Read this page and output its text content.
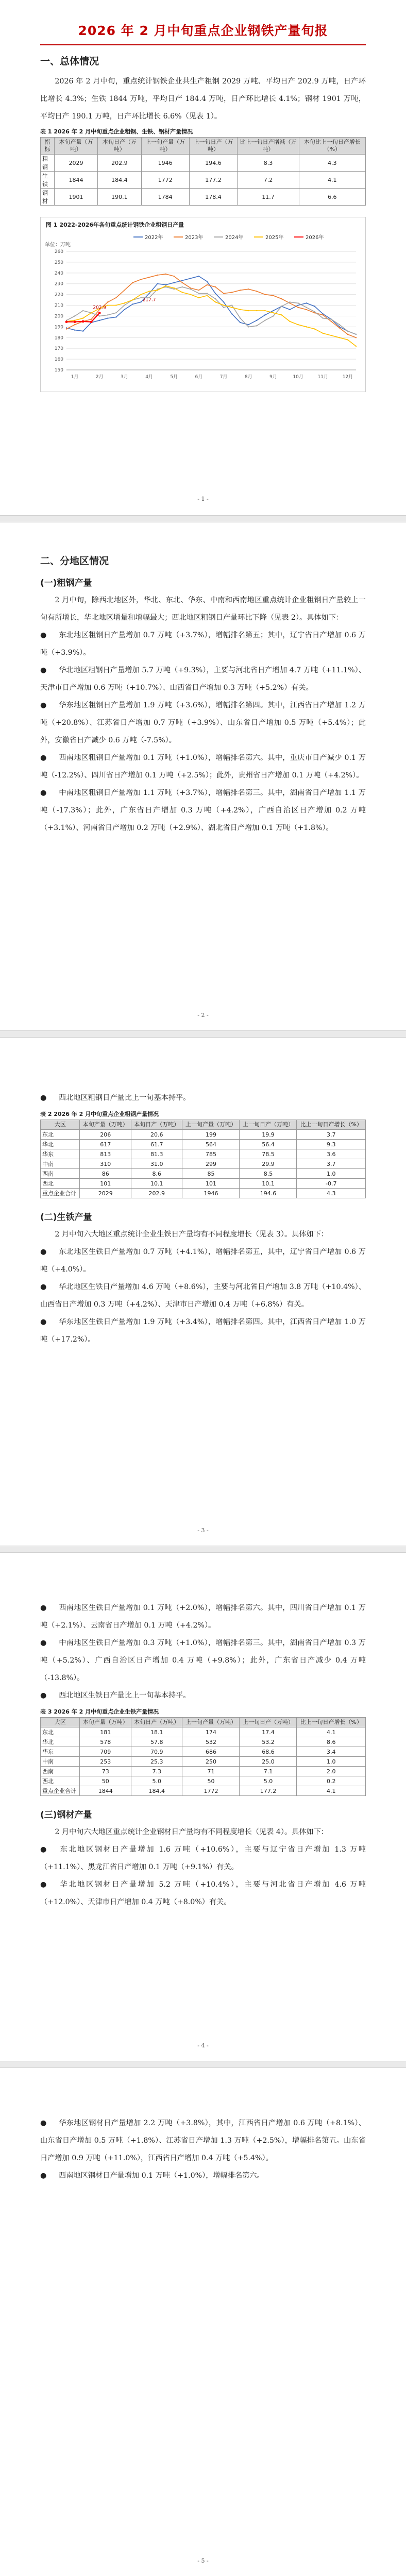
2026 年 2 月中旬重点企业钢铁产量旬报
一、总体情况

2026 年 2 月中旬，重点统计钢铁企业共生产粗钢 2029 万吨、平均日产 202.9 万吨，日产环比增长 4.3%；生铁 1844 万吨，平均日产 184.4 万吨，日产环比增长 4.1%；钢材 1901 万吨，平均日产 190.1 万吨，日产环比增长 6.6%（见表 1）。

表 1 2026 年 2 月中旬重点企业粗钢、生铁、钢材产量情况
指标	本旬产量（万吨）	本旬日产（万吨）	上一旬产量（万吨）	上一旬日产（万吨）	比上一旬日产增减（万吨）	本旬比上一旬日产增长（%）
粗钢	2029	202.9	1946	194.6	8.3	4.3
生铁	1844	184.4	1772	177.2	7.2	4.1
钢材	1901	190.1	1784	178.4	11.7	6.6
图 1 2022-2026年各旬重点统计钢铁企业粗钢日产量
2022年	2023年	2024年	2025年	2026年
单位：万吨
150
160
170
180
190
200
210
220
230
240
250
260
1月	2月	3月	4月	5月	6月	7月	8月	9月	10月	11月	12月
202.9
217.7
- 1 -
二、分地区情况
(一)粗钢产量

2 月中旬，除西北地区外，华北、东北、华东、中南和西南地区重点统计企业粗钢日产量较上一旬有所增长，华北地区增量和增幅最大；西北地区粗钢日产量环比下降（见表 2）。具体如下：

● 东北地区粗钢日产量增加 0.7 万吨（+3.7%），增幅排名第五；其中，辽宁省日产增加 0.6 万吨（+3.9%）。

● 华北地区粗钢日产量增加 5.7 万吨（+9.3%），主要与河北省日产增加 4.7 万吨（+11.1%）、天津市日产增加 0.6 万吨（+10.7%）、山西省日产增加 0.3 万吨（+5.2%）有关。

● 华东地区粗钢日产量增加 1.9 万吨（+3.6%），增幅排名第四。其中，江西省日产增加 1.2 万吨（+20.8%）、江苏省日产增加 0.7 万吨（+3.9%）、山东省日产增加 0.5 万吨（+5.4%）；此外，安徽省日产减少 0.6 万吨（-7.5%）。

● 西南地区粗钢日产量增加 0.1 万吨（+1.0%），增幅排名第六。其中，重庆市日产减少 0.1 万吨（-12.2%）、四川省日产增加 0.1 万吨（+2.5%）；此外，贵州省日产增加 0.1 万吨（+4.2%）。

● 中南地区粗钢日产量增加 1.1 万吨（+3.7%），增幅排名第三。其中，湖南省日产增加 1.1 万吨（-17.3%）；此外，广东省日产增加 0.3 万吨（+4.2%），广西自治区日产增加 0.2 万吨（+3.1%）、河南省日产增加 0.2 万吨（+2.9%）、湖北省日产增加 0.1 万吨（+1.8%）。

- 2 -

● 西北地区粗钢日产量比上一旬基本持平。

表 2 2026 年 2 月中旬重点企业粗钢产量情况
大区	本旬产量（万吨）	本旬日产（万吨）	上一旬产量（万吨）	上一旬日产（万吨）	比上一旬日产增长（%）
东北	206	20.6	199	19.9	3.7
华北	617	61.7	564	56.4	9.3
华东	813	81.3	785	78.5	3.6
中南	310	31.0	299	29.9	3.7
西南	86	8.6	85	8.5	1.0
西北	101	10.1	101	10.1	-0.7
重点企业合计	2029	202.9	1946	194.6	4.3
(二)生铁产量

2 月中旬六大地区重点统计企业生铁日产量均有不同程度增长（见表 3）。具体如下：

● 东北地区生铁日产量增加 0.7 万吨（+4.1%），增幅排名第五，其中，辽宁省日产增加 0.6 万吨（+4.0%）。

● 华北地区生铁日产量增加 4.6 万吨（+8.6%），主要与河北省日产增加 3.8 万吨（+10.4%）、山西省日产增加 0.3 万吨（+4.2%）、天津市日产增加 0.4 万吨（+6.8%）有关。

● 华东地区生铁日产量增加 1.9 万吨（+3.4%），增幅排名第四。其中，江西省日产增加 1.0 万吨（+17.2%）。

- 3 -

● 西南地区生铁日产量增加 0.1 万吨（+2.0%），增幅排名第六。其中，四川省日产增加 0.1 万吨（+2.1%）、云南省日产增加 0.1 万吨（+4.2%）。

● 中南地区生铁日产量增加 0.3 万吨（+1.0%），增幅排名第三。其中，湖南省日产增加 0.3 万吨（+5.2%）、广西自治区日产增加 0.4 万吨（+9.8%）；此外，广东省日产减少 0.4 万吨（-13.8%）。

● 西北地区生铁日产量比上一旬基本持平。

表 3 2026 年 2 月中旬重点企业生铁产量情况
大区	本旬产量（万吨）	本旬日产（万吨）	上一旬产量（万吨）	上一旬日产（万吨）	比上一旬日产增长（%）
东北	181	18.1	174	17.4	4.1
华北	578	57.8	532	53.2	8.6
华东	709	70.9	686	68.6	3.4
中南	253	25.3	250	25.0	1.0
西南	73	7.3	71	7.1	2.0
西北	50	5.0	50	5.0	0.2
重点企业合计	1844	184.4	1772	177.2	4.1
(三)钢材产量

2 月中旬六大地区重点统计企业钢材日产量均有不同程度增长（见表 4）。具体如下：

● 东北地区钢材日产量增加 1.6 万吨（+10.6%），主要与辽宁省日产增加 1.3 万吨（+11.1%）、黑龙江省日产增加 0.1 万吨（+9.1%）有关。

● 华北地区钢材日产量增加 5.2 万吨（+10.4%），主要与河北省日产增加 4.6 万吨（+12.0%）、天津市日产增加 0.4 万吨（+8.0%）有关。

- 4 -

● 华东地区钢材日产量增加 2.2 万吨（+3.8%），其中，江西省日产增加 0.6 万吨（+8.1%）、山东省日产增加 0.5 万吨（+1.8%）、江苏省日产增加 1.3 万吨（+2.5%），增幅排名第五。山东省日产增加 0.9 万吨（+11.0%），江西省日产增加 0.4 万吨（+5.4%）。

● 西南地区钢材日产量增加 0.1 万吨（+1.0%），增幅排名第六。

- 5 -
